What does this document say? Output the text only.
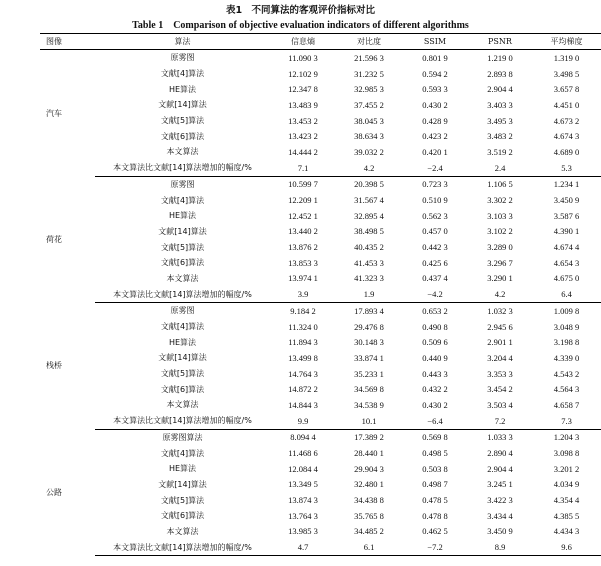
表1　不同算法的客观评价指标对比
Table 1　Comparison of objective evaluation indicators of different algorithms
图像	算法	信息熵	对比度	SSIM	PSNR	平均梯度
汽车	原雾图	11.090 3	21.596 3	0.801 9	1.219 0	1.319 0
	文献[4]算法	12.102 9	31.232 5	0.594 2	2.893 8	3.498 5
	HE算法	12.347 8	32.985 3	0.593 3	2.904 4	3.657 8
	文献[14]算法	13.483 9	37.455 2	0.430 2	3.403 3	4.451 0
	文献[5]算法	13.453 2	38.045 3	0.428 9	3.495 3	4.673 2
	文献[6]算法	13.423 2	38.634 3	0.423 2	3.483 2	4.674 3
	本文算法	14.444 2	39.032 2	0.420 1	3.519 2	4.689 0
	本文算法比文献[14]算法增加的幅度/%	7.1	4.2	−2.4	2.4	5.3
荷花	原雾图	10.599 7	20.398 5	0.723 3	1.106 5	1.234 1
	文献[4]算法	12.209 1	31.567 4	0.510 9	3.302 2	3.450 9
	HE算法	12.452 1	32.895 4	0.562 3	3.103 3	3.587 6
	文献[14]算法	13.440 2	38.498 5	0.457 0	3.102 2	4.390 1
	文献[5]算法	13.876 2	40.435 2	0.442 3	3.289 0	4.674 4
	文献[6]算法	13.853 3	41.453 3	0.425 6	3.296 7	4.654 3
	本文算法	13.974 1	41.323 3	0.437 4	3.290 1	4.675 0
	本文算法比文献[14]算法增加的幅度/%	3.9	1.9	−4.2	4.2	6.4
栈桥	原雾图	9.184 2	17.893 4	0.653 2	1.032 3	1.009 8
	文献[4]算法	11.324 0	29.476 8	0.490 8	2.945 6	3.048 9
	HE算法	11.894 3	30.148 3	0.509 6	2.901 1	3.198 8
	文献[14]算法	13.499 8	33.874 1	0.440 9	3.204 4	4.339 0
	文献[5]算法	14.764 3	35.233 1	0.443 3	3.353 3	4.543 2
	文献[6]算法	14.872 2	34.569 8	0.432 2	3.454 2	4.564 3
	本文算法	14.844 3	34.538 9	0.430 2	3.503 4	4.658 7
	本文算法比文献[14]算法增加的幅度/%	9.9	10.1	−6.4	7.2	7.3
公路	原雾图算法	8.094 4	17.389 2	0.569 8	1.033 3	1.204 3
	文献[4]算法	11.468 6	28.440 1	0.498 5	2.890 4	3.098 8
	HE算法	12.084 4	29.904 3	0.503 8	2.904 4	3.201 2
	文献[14]算法	13.349 5	32.480 1	0.498 7	3.245 1	4.034 9
	文献[5]算法	13.874 3	34.438 8	0.478 5	3.422 3	4.354 4
	文献[6]算法	13.764 3	35.765 8	0.478 8	3.434 4	4.385 5
	本文算法	13.985 3	34.485 2	0.462 5	3.450 9	4.434 3
	本文算法比文献[14]算法增加的幅度/%	4.7	6.1	−7.2	8.9	9.6
